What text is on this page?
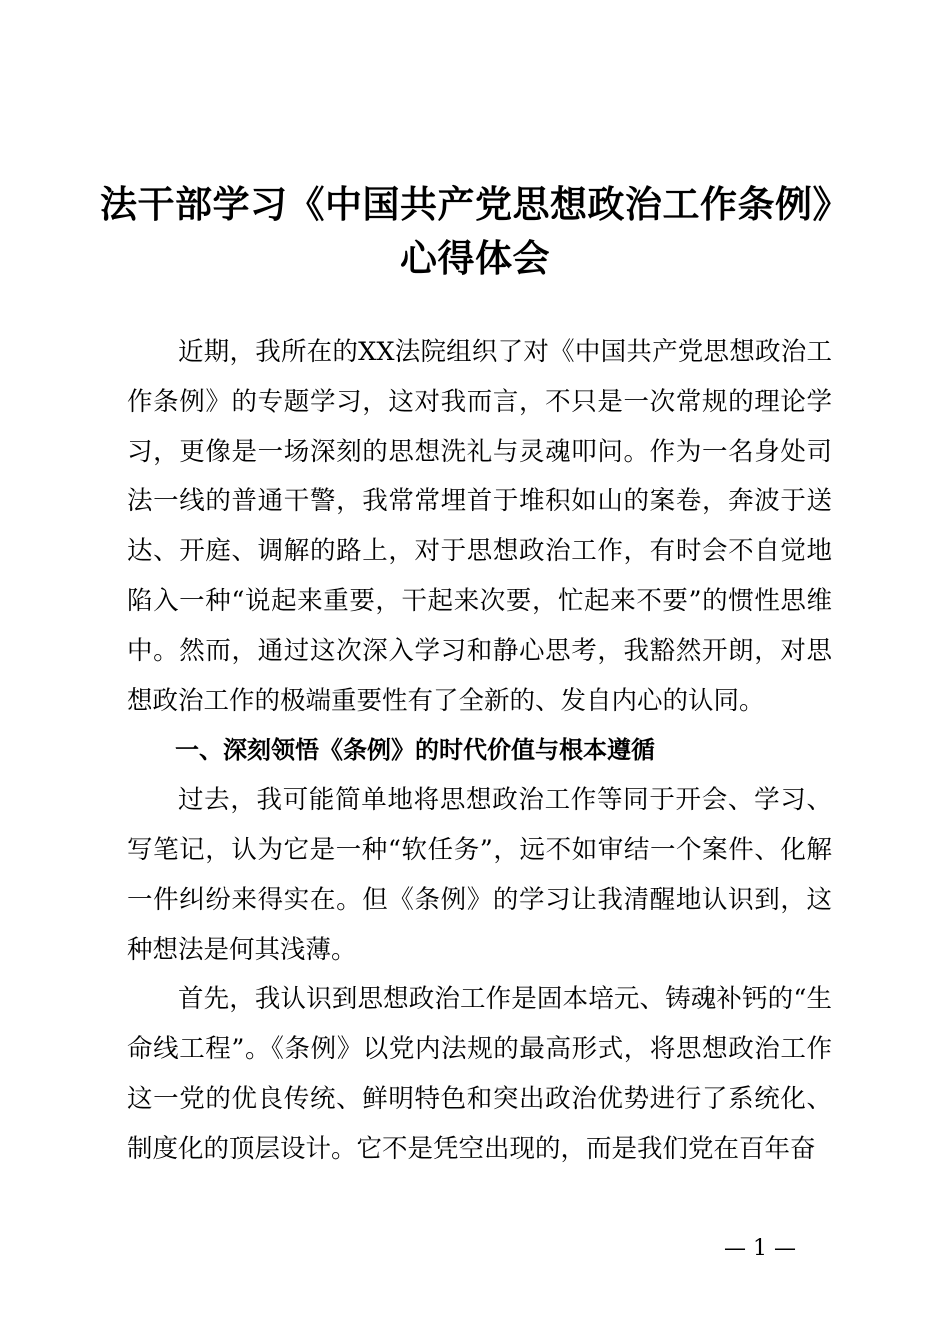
法干部学习《中国共产党思想政治工作条例》
心得体会

近期，我所在的XX法院组织了对《中国共产党思想政治工作条例》的专题学习，这对我而言，不只是一次常规的理论学习，更像是一场深刻的思想洗礼与灵魂叩问。作为一名身处司法一线的普通干警，我常常埋首于堆积如山的案卷，奔波于送达、开庭、调解的路上，对于思想政治工作，有时会不自觉地陷入一种“说起来重要，干起来次要，忙起来不要”的惯性思维中。然而，通过这次深入学习和静心思考，我豁然开朗，对思想政治工作的极端重要性有了全新的、发自内心的认同。

一、深刻领悟《条例》的时代价值与根本遵循

过去，我可能简单地将思想政治工作等同于开会、学习、写笔记，认为它是一种“软任务”，远不如审结一个案件、化解一件纠纷来得实在。但《条例》的学习让我清醒地认识到，这种想法是何其浅薄。

首先，我认识到思想政治工作是固本培元、铸魂补钙的“生命线工程”。《条例》以党内法规的最高形式，将思想政治工作这一党的优良传统、鲜明特色和突出政治优势进行了系统化、制度化的顶层设计。它不是凭空出现的，而是我们党在百年奋

— 1 —
